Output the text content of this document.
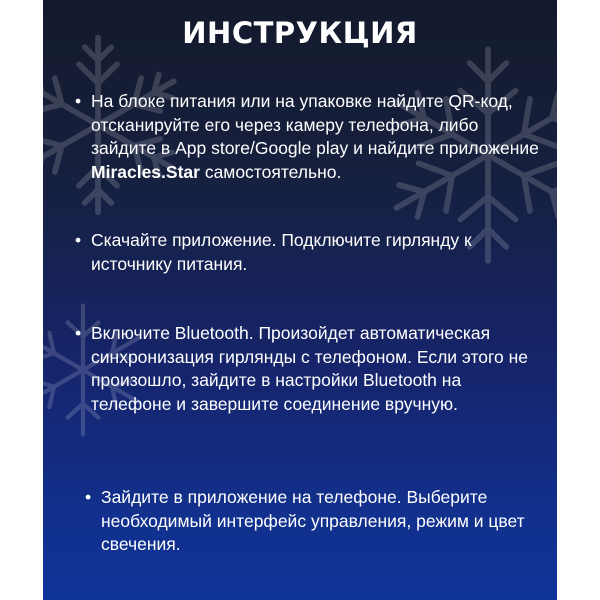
ИНСТРУКЦИЯ
• На блоке питания или на упаковке найдите QR-код, отсканируйте его через камеру телефона, либо зайдите в App store/Google play и найдите приложение Miracles.Star самостоятельно.
• Скачайте приложение. Подключите гирлянду к источнику питания.
• Включите Bluetooth. Произойдет автоматическая синхронизация гирлянды с телефоном. Если этого не произошло, зайдите в настройки Bluetooth на телефоне и завершите соединение вручную.
• Зайдите в приложение на телефоне. Выберите необходимый интерфейс управления, режим и цвет свечения.
